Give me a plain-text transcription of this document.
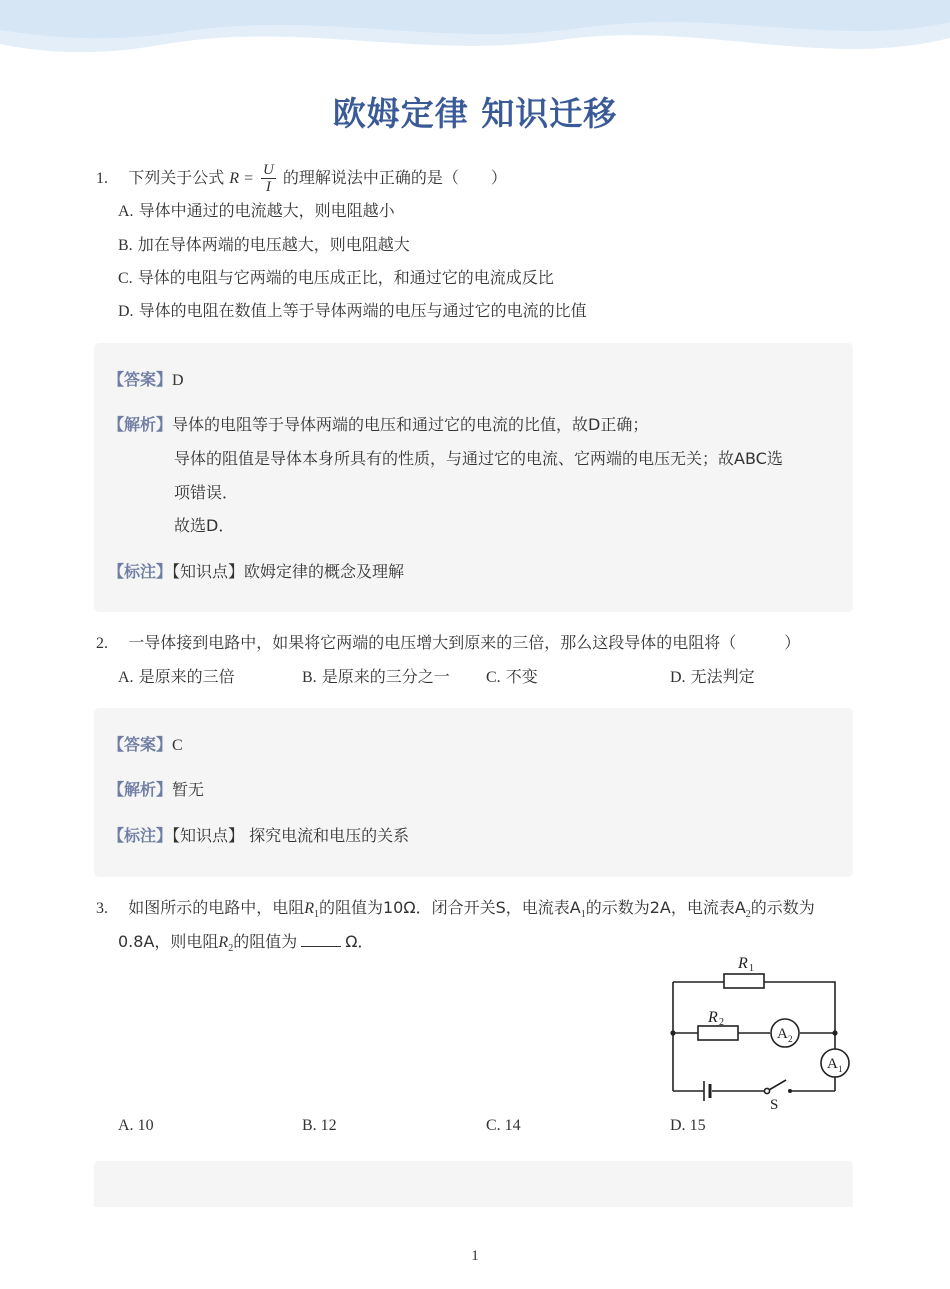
欧姆定律 知识迁移
1. 下列关于公式 $R = \frac{U}{I}$ 的理解说法中正确的是（　　）
A. 导体中通过的电流越大，则电阻越小
B. 加在导体两端的电压越大，则电阻越大
C. 导体的电阻与它两端的电压成正比，和通过它的电流成反比
D. 导体的电阻在数值上等于导体两端的电压与通过它的电流的比值
【答案】D
【解析】导体的电阻等于导体两端的电压和通过它的电流的比值，故D正确；
导体的阻值是导体本身所具有的性质，与通过它的电流、它两端的电压无关；故ABC选
项错误．
故选D．
【标注】【知识点】欧姆定律的概念及理解
2. 一导体接到电路中，如果将它两端的电压增大到原来的三倍，那么这段导体的电阻将（　　　）
A. 是原来的三倍	B. 是原来的三分之一 C. 不变	D. 无法判定
【答案】C
【解析】暂无
【标注】【知识点】 探究电流和电压的关系
3. 如图所示的电路中，电阻$R_1$的阻值为10Ω．闭合开关S，电流表$A_1$的示数为2A，电流表$A_2$的示数为
0.8A，则电阻$R_2$的阻值为	Ω．
R 1
R 2
A 2
A 1
S
A. 10	B. 12	C. 14	D. 15
1
